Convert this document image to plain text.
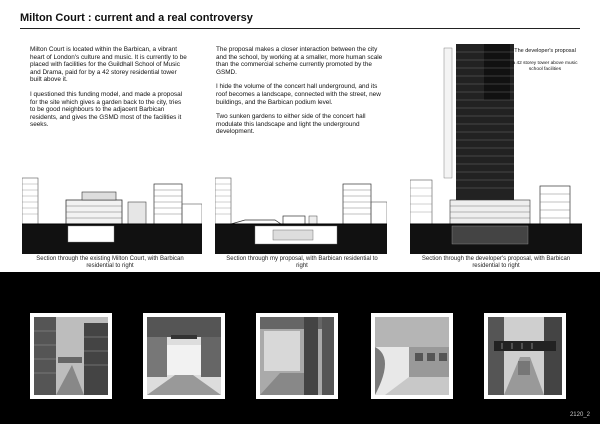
Milton Court : current and a real controversy

Milton Court is located within the Barbican, a vibrant heart of London's culture and music. It is currently to be placed with facilities for the Guildhall School of Music and Drama, paid for by a 42 storey residential tower built above it.

I questioned this funding model, and made a proposal for the site which gives a garden back to the city, tries to be good neighbours to the adjacent Barbican residents, and gives the GSMD most of the facilities it seeks.

The proposal makes a closer interaction between the city and the school, by working at a smaller, more human scale than the commercial scheme currently promoted by the GSMD.

I hide the volume of the concert hall underground, and its roof becomes a landscape, connected with the street, new buildings, and the Barbican podium level.

Two sunken gardens to either side of the concert hall modulate this landscape and light the underground development.

The developer's proposal
a 42 storey tower above music school facilities
Section through the existing Milton Court, with Barbican residential to right
Section through my proposal, with Barbican residential to right
Section through the developer's proposal, with Barbican residential to right
2120_2
